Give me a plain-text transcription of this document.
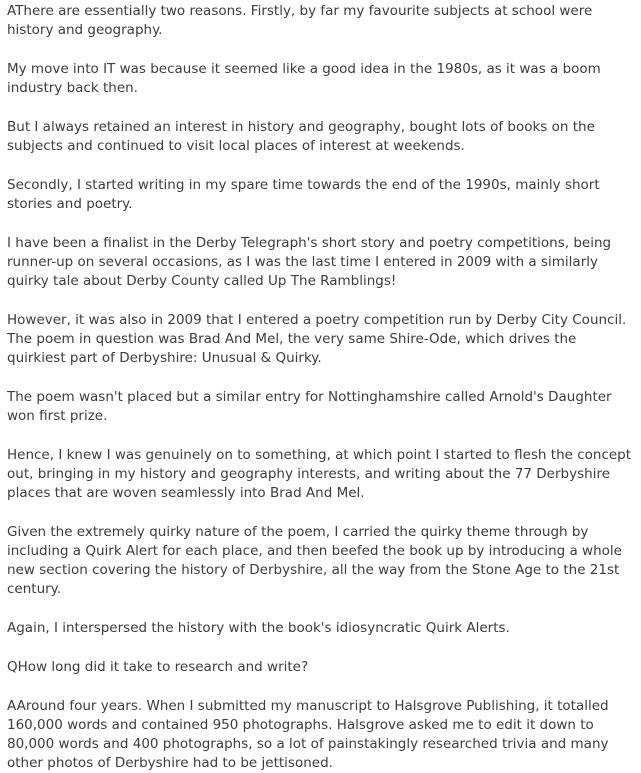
AThere are essentially two reasons. Firstly, by far my favourite subjects at school were history and geography.

My move into IT was because it seemed like a good idea in the 1980s, as it was a boom industry back then.

But I always retained an interest in history and geography, bought lots of books on the subjects and continued to visit local places of interest at weekends.

Secondly, I started writing in my spare time towards the end of the 1990s, mainly short stories and poetry.

I have been a finalist in the Derby Telegraph's short story and poetry competitions, being runner-up on several occasions, as I was the last time I entered in 2009 with a similarly quirky tale about Derby County called Up The Ramblings!

However, it was also in 2009 that I entered a poetry competition run by Derby City Council. The poem in question was Brad And Mel, the very same Shire-Ode, which drives the quirkiest part of Derbyshire: Unusual & Quirky.

The poem wasn't placed but a similar entry for Nottinghamshire called Arnold's Daughter won first prize.

Hence, I knew I was genuinely on to something, at which point I started to flesh the concept out, bringing in my history and geography interests, and writing about the 77 Derbyshire places that are woven seamlessly into Brad And Mel.

Given the extremely quirky nature of the poem, I carried the quirky theme through by including a Quirk Alert for each place, and then beefed the book up by introducing a whole new section covering the history of Derbyshire, all the way from the Stone Age to the 21st century.

Again, I interspersed the history with the book's idiosyncratic Quirk Alerts.

QHow long did it take to research and write?

AAround four years. When I submitted my manuscript to Halsgrove Publishing, it totalled 160,000 words and contained 950 photographs. Halsgrove asked me to edit it down to 80,000 words and 400 photographs, so a lot of painstakingly researched trivia and many other photos of Derbyshire had to be jettisoned.
